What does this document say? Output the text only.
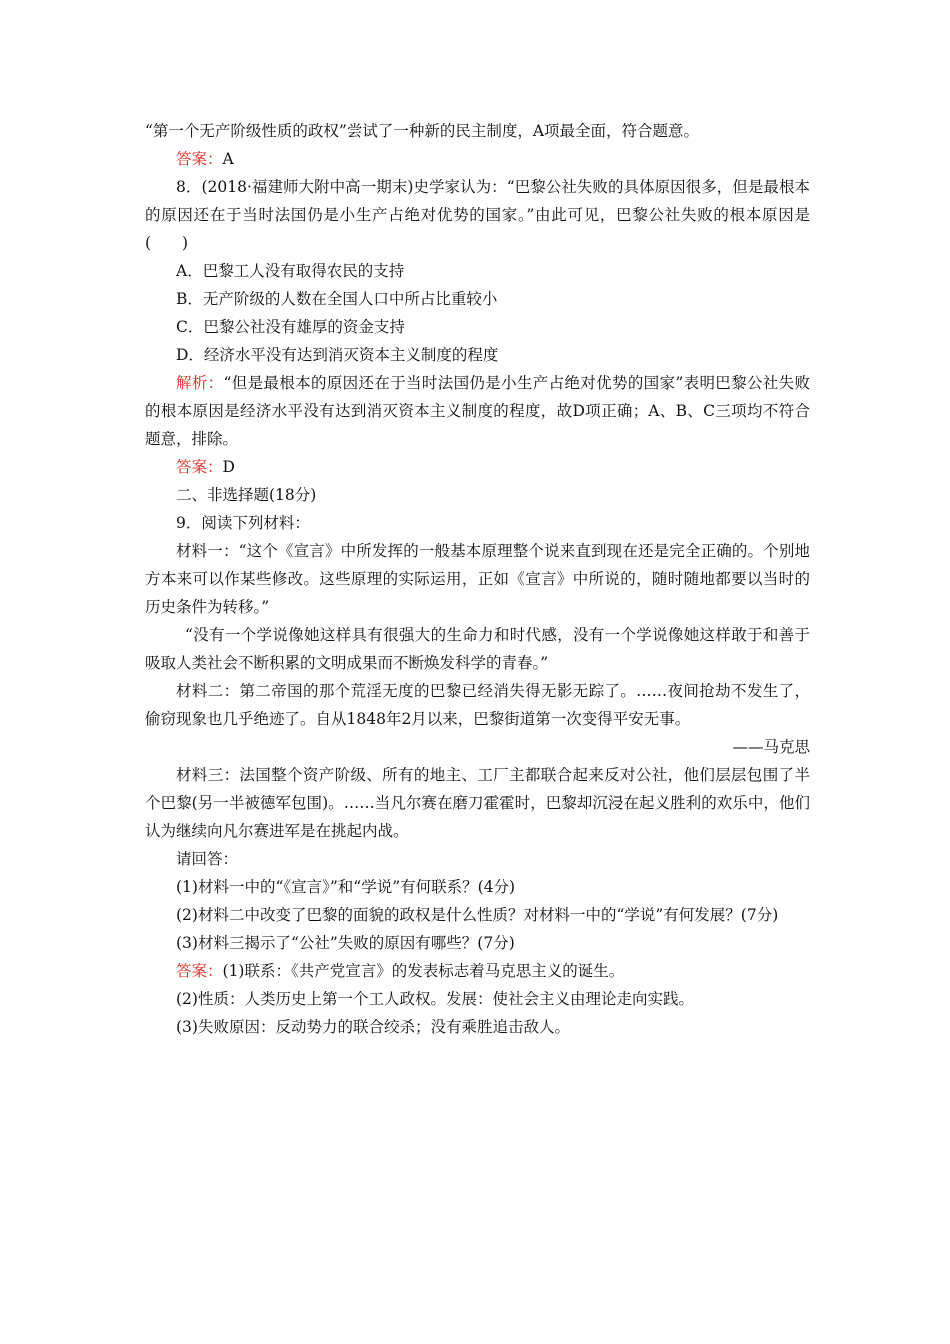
“第一个无产阶级性质的政权”尝试了一种新的民主制度，A项最全面，符合题意。

答案：A

8．(2018·福建师大附中高一期末)史学家认为：“巴黎公社失败的具体原因很多，但是最根本的原因还在于当时法国仍是小生产占绝对优势的国家。”由此可见，巴黎公社失败的根本原因是(　　)

A．巴黎工人没有取得农民的支持

B．无产阶级的人数在全国人口中所占比重较小

C．巴黎公社没有雄厚的资金支持

D．经济水平没有达到消灭资本主义制度的程度

解析：“但是最根本的原因还在于当时法国仍是小生产占绝对优势的国家”表明巴黎公社失败的根本原因是经济水平没有达到消灭资本主义制度的程度，故D项正确；A、B、C三项均不符合题意，排除。

答案：D

二、非选择题(18分)

9．阅读下列材料：

材料一：“这个《宣言》中所发挥的一般基本原理整个说来直到现在还是完全正确的。个别地方本来可以作某些修改。这些原理的实际运用，正如《宣言》中所说的，随时随地都要以当时的历史条件为转移。”

“没有一个学说像她这样具有很强大的生命力和时代感，没有一个学说像她这样敢于和善于吸取人类社会不断积累的文明成果而不断焕发科学的青春。”

材料二：第二帝国的那个荒淫无度的巴黎已经消失得无影无踪了。……夜间抢劫不发生了，偷窃现象也几乎绝迹了。自从1848年2月以来，巴黎街道第一次变得平安无事。

——马克思

材料三：法国整个资产阶级、所有的地主、工厂主都联合起来反对公社，他们层层包围了半个巴黎(另一半被德军包围)。……当凡尔赛在磨刀霍霍时，巴黎却沉浸在起义胜利的欢乐中，他们认为继续向凡尔赛进军是在挑起内战。

请回答：

(1)材料一中的“《宣言》”和“学说”有何联系？(4分)

(2)材料二中改变了巴黎的面貌的政权是什么性质？对材料一中的“学说”有何发展？(7分)

(3)材料三揭示了“公社”失败的原因有哪些？(7分)

答案：(1)联系：《共产党宣言》的发表标志着马克思主义的诞生。

(2)性质：人类历史上第一个工人政权。发展：使社会主义由理论走向实践。

(3)失败原因：反动势力的联合绞杀；没有乘胜追击敌人。
